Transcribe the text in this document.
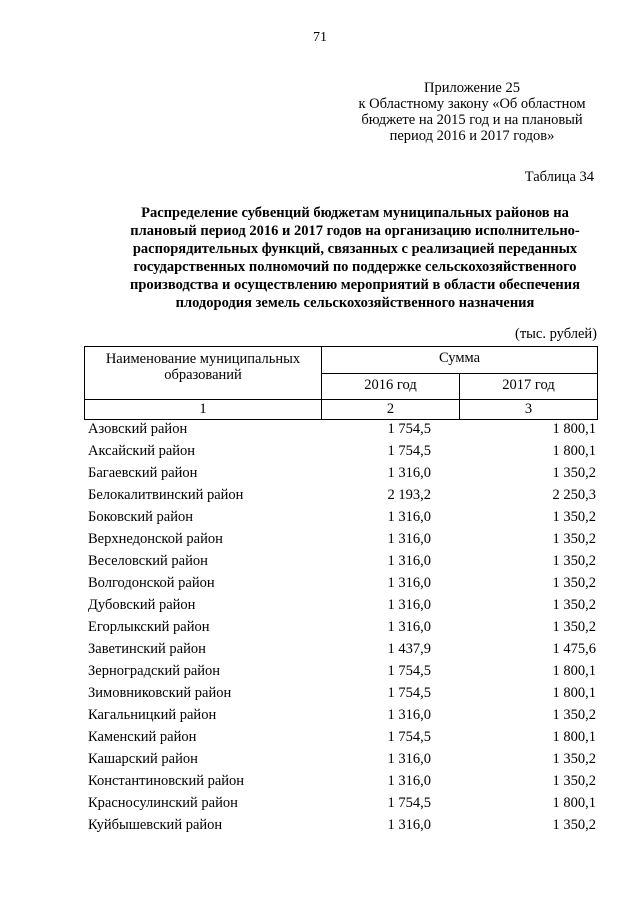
71
Приложение 25
к Областному закону «Об областном
бюджете на 2015 год и на плановый
период 2016 и 2017 годов»
Таблица 34
Распределение субвенций бюджетам муниципальных районов на
плановый период 2016 и 2017 годов на организацию исполнительно-
распорядительных функций, связанных с реализацией переданных
государственных полномочий по поддержке сельскохозяйственного
производства и осуществлению мероприятий в области обеспечения
плодородия земель сельскохозяйственного назначения
(тыс. рублей)
Наименование муниципальных образований	Сумма	
	2016 год	2017 год
1	2	3
Азовский район	1 754,5	1 800,1
Аксайский район	1 754,5	1 800,1
Багаевский район	1 316,0	1 350,2
Белокалитвинский район	2 193,2	2 250,3
Боковский район	1 316,0	1 350,2
Верхнедонской район	1 316,0	1 350,2
Веселовский район	1 316,0	1 350,2
Волгодонской район	1 316,0	1 350,2
Дубовский район	1 316,0	1 350,2
Егорлыкский район	1 316,0	1 350,2
Заветинский район	1 437,9	1 475,6
Зерноградский район	1 754,5	1 800,1
Зимовниковский район	1 754,5	1 800,1
Кагальницкий район	1 316,0	1 350,2
Каменский район	1 754,5	1 800,1
Кашарский район	1 316,0	1 350,2
Константиновский район	1 316,0	1 350,2
Красносулинский район	1 754,5	1 800,1
Куйбышевский район	1 316,0	1 350,2
